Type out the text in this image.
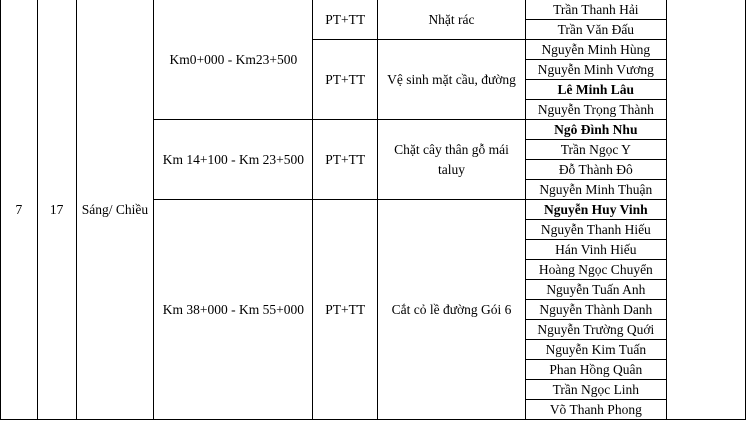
7	17	Sáng/ Chiều	Km0+000 - Km23+500	PT+TT	Nhặt rác	Trần Thanh Hải	
						Trần Văn Đấu	
				PT+TT	Vệ sinh mặt cầu, đường	Nguyễn Minh Hùng	
						Nguyễn Minh Vương	
						Lê Minh Lâu	
						Nguyễn Trọng Thành	
			Km 14+100 - Km 23+500	PT+TT	Chặt cây thân gỗ mái taluy	Ngô Đình Nhu	
						Trần Ngọc Y	
						Đỗ Thành Đô	
						Nguyễn Minh Thuận	
			Km 38+000 - Km 55+000	PT+TT	Cắt cỏ lề đường Gói 6	Nguyễn Huy Vinh	
						Nguyễn Thanh Hiếu	
						Hán Vinh Hiếu	
						Hoàng Ngọc Chuyển	
						Nguyễn Tuấn Anh	
						Nguyễn Thành Danh	
						Nguyễn Trường Quới	
						Nguyễn Kim Tuấn	
						Phan Hồng Quân	
						Trần Ngọc Linh	
						Võ Thanh Phong	
